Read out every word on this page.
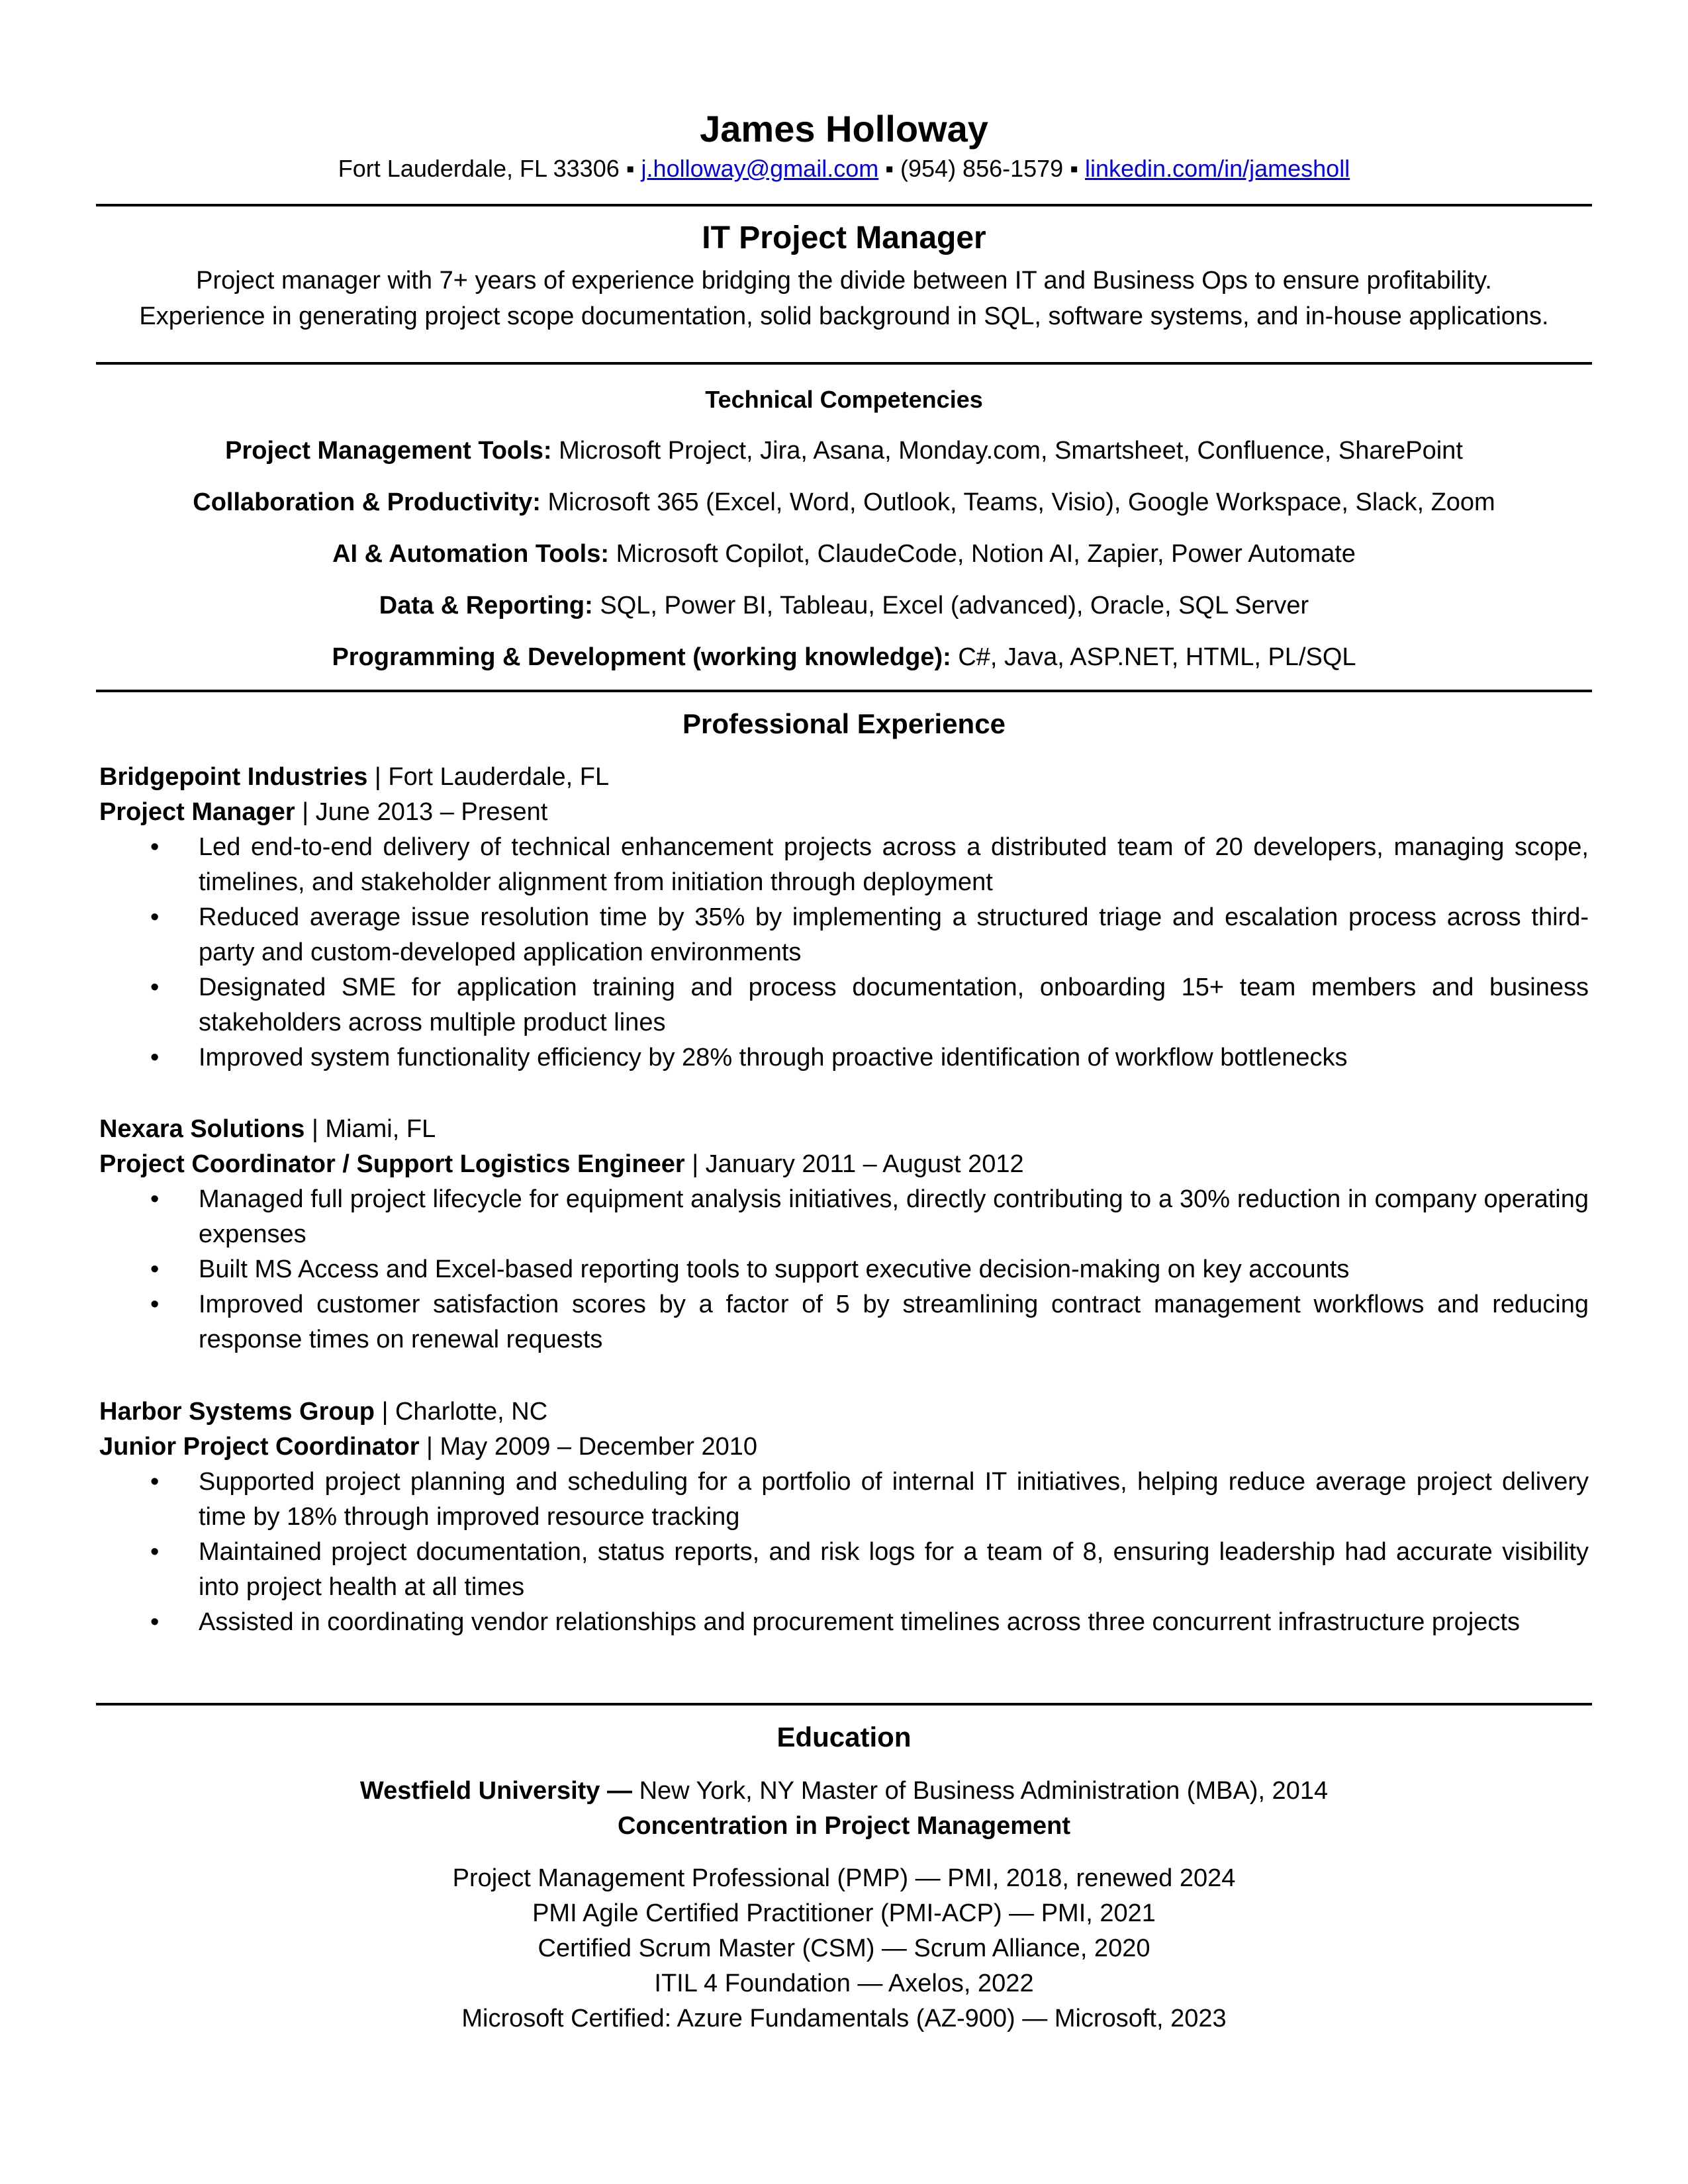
James Holloway
Fort Lauderdale, FL 33306 ▪ j.holloway@gmail.com ▪ (954) 856-1579 ▪ linkedin.com/in/jamesholl
IT Project Manager
Project manager with 7+ years of experience bridging the divide between IT and Business Ops to ensure profitability.
Experience in generating project scope documentation, solid background in SQL, software systems, and in-house applications.
Technical Competencies
Project Management Tools: Microsoft Project, Jira, Asana, Monday.com, Smartsheet, Confluence, SharePoint
Collaboration & Productivity: Microsoft 365 (Excel, Word, Outlook, Teams, Visio), Google Workspace, Slack, Zoom
AI & Automation Tools: Microsoft Copilot, ClaudeCode, Notion AI, Zapier, Power Automate
Data & Reporting: SQL, Power BI, Tableau, Excel (advanced), Oracle, SQL Server
Programming & Development (working knowledge): C#, Java, ASP.NET, HTML, PL/SQL
Professional Experience
Bridgepoint Industries | Fort Lauderdale, FL
Project Manager | June 2013 – Present
• Led end-to-end delivery of technical enhancement projects across a distributed team of 20 developers, managing scope, timelines, and stakeholder alignment from initiation through deployment
• Reduced average issue resolution time by 35% by implementing a structured triage and escalation process across third-party and custom-developed application environments
• Designated SME for application training and process documentation, onboarding 15+ team members and business stakeholders across multiple product lines
• Improved system functionality efficiency by 28% through proactive identification of workflow bottlenecks
Nexara Solutions | Miami, FL
Project Coordinator / Support Logistics Engineer | January 2011 – August 2012
• Managed full project lifecycle for equipment analysis initiatives, directly contributing to a 30% reduction in company operating expenses
• Built MS Access and Excel-based reporting tools to support executive decision-making on key accounts
• Improved customer satisfaction scores by a factor of 5 by streamlining contract management workflows and reducing response times on renewal requests
Harbor Systems Group | Charlotte, NC
Junior Project Coordinator | May 2009 – December 2010
• Supported project planning and scheduling for a portfolio of internal IT initiatives, helping reduce average project delivery time by 18% through improved resource tracking
• Maintained project documentation, status reports, and risk logs for a team of 8, ensuring leadership had accurate visibility into project health at all times
• Assisted in coordinating vendor relationships and procurement timelines across three concurrent infrastructure projects
Education
Westfield University — New York, NY Master of Business Administration (MBA), 2014
Concentration in Project Management
Project Management Professional (PMP) — PMI, 2018, renewed 2024
PMI Agile Certified Practitioner (PMI-ACP) — PMI, 2021
Certified Scrum Master (CSM) — Scrum Alliance, 2020
ITIL 4 Foundation — Axelos, 2022
Microsoft Certified: Azure Fundamentals (AZ-900) — Microsoft, 2023
